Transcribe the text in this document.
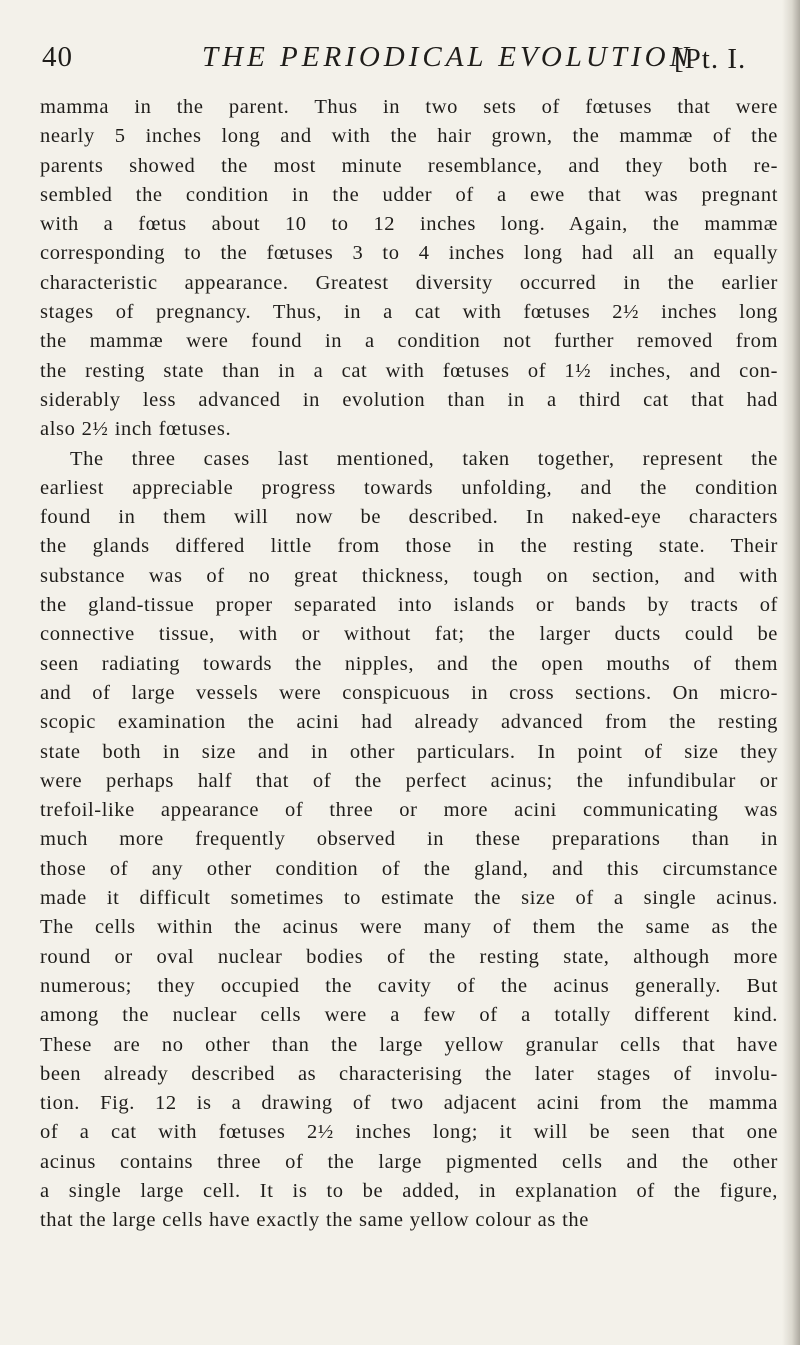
40	THE PERIODICAL EVOLUTION
[Pt. I.
mamma in the parent. Thus in two sets of fœtuses that were
nearly 5 inches long and with the hair grown, the mammæ of the
parents showed the most minute resemblance, and they both re-
sembled the condition in the udder of a ewe that was pregnant
with a fœtus about 10 to 12 inches long. Again, the mammæ
corresponding to the fœtuses 3 to 4 inches long had all an equally
characteristic appearance. Greatest diversity occurred in the earlier
stages of pregnancy. Thus, in a cat with fœtuses 2½ inches long
the mammæ were found in a condition not further removed from
the resting state than in a cat with fœtuses of 1½ inches, and con-
siderably less advanced in evolution than in a third cat that had
also 2½ inch fœtuses.
The three cases last mentioned, taken together, represent the
earliest appreciable progress towards unfolding, and the condition
found in them will now be described. In naked-eye characters
the glands differed little from those in the resting state. Their
substance was of no great thickness, tough on section, and with
the gland-tissue proper separated into islands or bands by tracts of
connective tissue, with or without fat; the larger ducts could be
seen radiating towards the nipples, and the open mouths of them
and of large vessels were conspicuous in cross sections. On micro-
scopic examination the acini had already advanced from the resting
state both in size and in other particulars. In point of size they
were perhaps half that of the perfect acinus; the infundibular or
trefoil-like appearance of three or more acini communicating was
much more frequently observed in these preparations than in
those of any other condition of the gland, and this circumstance
made it difficult sometimes to estimate the size of a single acinus.
The cells within the acinus were many of them the same as the
round or oval nuclear bodies of the resting state, although more
numerous; they occupied the cavity of the acinus generally. But
among the nuclear cells were a few of a totally different kind.
These are no other than the large yellow granular cells that have
been already described as characterising the later stages of involu-
tion. Fig. 12 is a drawing of two adjacent acini from the mamma
of a cat with fœtuses 2½ inches long; it will be seen that one
acinus contains three of the large pigmented cells and the other
a single large cell. It is to be added, in explanation of the figure,
that the large cells have exactly the same yellow colour as the
